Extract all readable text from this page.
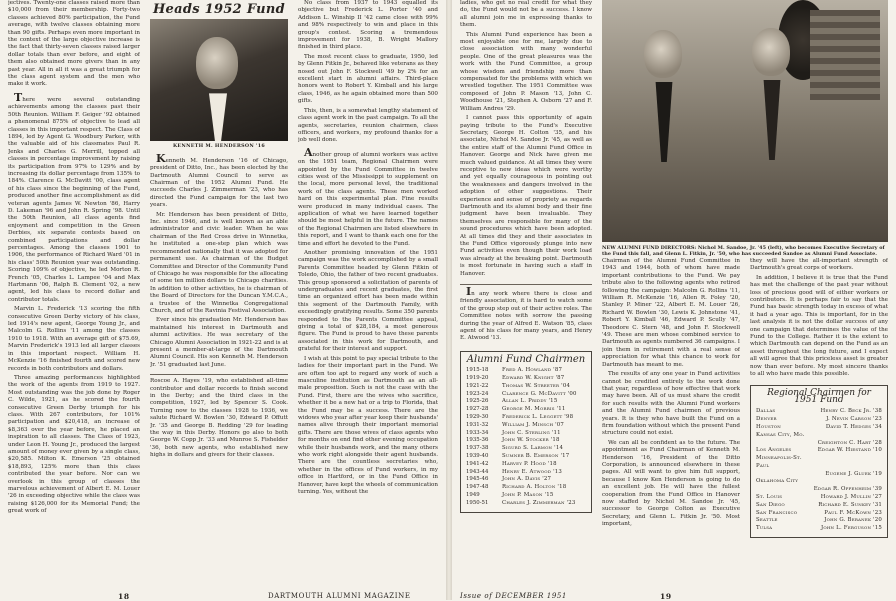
jectives. Twenty-one classes raised more than $10,000 from their membership. Forty-two classes achieved 80% participation, the Fund average, with twelve classes obtaining more than 90 gifts. Perhaps even more important in the context of the large objective increase is the fact that thirty-seven classes raised larger dollar totals than ever before, and eight of them also obtained more givers than in any past year. All in all it was a great triumph for the class agent system and the men who make it work.

There were several outstanding achievements among the classes past their 50th Reunion. William F. Geiger '92 obtained a phenomenal 875% of objective to lead all classes in this important respect. The Class of 1894, led by Agent G. Woodbury Parker, with the valuable aid of his classmates Paul R. Jenks and Charles G. Merrill, topped all classes in percentage improvement by raising its participation from 97% to 129% and by increasing its dollar percentage from 135% to 184%. Clarence G. McDavitt '00, class agent of his class since the beginning of the Fund, produced another fine accomplishment as did veteran agents James W. Newton '86, Harry D. Lakeman '96 and John R. Spring '98. Until the 50th Reunion, all class agents find enjoyment and competition in the Green Derbies, six separate contests based on combined participations and dollar percentages. Among the classes 1901 to 1906, the performance of Richard Ward '01 in his class' 50th Reunion year was outstanding. Scoring 109% of objective, he led Morton R. French '05, Charles L. Lampee '04 and Max Hartmann '06, Ralph B. Clement '02, a new agent, led his class to record dollar and contributor totals.

Marvin L. Frederick '13 scoring the fifth consecutive Green Derby victory of his class, led 1914's new agent, George Young Jr., and Malcolm G. Rollins '11 among the classes 1910 to 1918. With an average gift of $75.69, Marvin Frederick's 1913 led all larger classes in this important respect. William H. McKenzie '16 finished fourth and scored new records in both contributors and dollars.

Three amazing performances highlighted the work of the agents from 1919 to 1927. Most outstanding was the job done by Roger C. Wilde, 1921, as he scored the fourth consecutive Green Derby triumph for his class. With 267 contributors, for 101% participation and $20,418, an increase of $8,363 over the year before, he placed an inspiration to all classes. The Class of 1923, under Leon H. Young Jr., produced the largest amount of money ever given by a single class, $20,585. Milton K. Emerson '25 obtained $18,893, 125% more than this class contributed the year before. Nor can we overlook in this group of classes the marvelous achievement of Albert E. M. Louer '26 in exceeding objective while the class was raising $126,000 for its Memorial Fund; the great work of

Heads 1952 Fund
KENNETH M. HENDERSON '16

Kenneth M. Henderson '16 of Chicago, president of Ditto, Inc., has been elected by the Dartmouth Alumni Council to serve as Chairman of the 1952 Alumni Fund. He succeeds Charles J. Zimmerman '23, who has directed the Fund campaign for the last two years.

Mr. Henderson has been president of Ditto, Inc. since 1946, and is well known as an able administrator and civic leader. When he was chairman of the Red Cross drive in Winnetka, he instituted a one-step plan which was recommended nationally that it was adopted for permanent use. As chairman of the Budget Committee and Director of the Community Fund of Chicago he was responsible for the allocating of some ten million dollars to Chicago charities. In addition to other activities, he is chairman of the Board of Directors for the Duncan Y.M.C.A., a trustee of the Winnetka Congregational Church, and of the Ravinia Festival Association.

Ever since his graduation Mr. Henderson has maintained his interest in Dartmouth and alumni activities. He was secretary of the Chicago Alumni Association in 1921-22 and is at present a member-at-large of the Dartmouth Alumni Council. His son Kenneth M. Henderson Jr. '51 graduated last June.

Roscoe A. Hayes '19, who established all-time contributor and dollar records to finish second in the Derby; and the third class in the competition, 1927, led by Spencer S. Cook. Turning now to the classes 1928 to 1936, we salute Richard W. Bowlen '30, Edward P. Offutt Jr. '35 and George B. Redding '29 for leading the way in this Derby. Honors go also to both George W. Copp Jr. '33 and Munroe S. Fishelder '36, both new agents, who established new highs in dollars and givers for their classes.

No class from 1937 to 1943 equalled its objective but Frederick L. Porter '40 and Addison L. Winship II '42 came close with 99% and 98% respectively to win and place in this group's contest. Scoring a tremendous improvement for 1938, B. Wright Mallory finished in third place.

The most recent class to graduate, 1950, led by Glenn Fitkin Jr., behaved like veterans as they nosed out John F. Stockwell '49 by 2% for an excellent start in alumni affairs. Third-place honors went to Robert Y. Kimball and his large class, 1946, as he again obtained more than 500 gifts.

This, then, is a somewhat lengthy statement of class agent work in the past campaign. To all the agents, secretaries, reunion chairmen, class officers, and workers, my profound thanks for a job well done.

Another group of alumni workers was active on the 1951 team, Regional Chairmen were appointed by the Fund Committee in twelve cities west of the Mississippi to supplement on the local, more personal level, the traditional work of the class agents. These men worked hard on this experimental plan. Fine results were produced in many individual cases. The application of what we have learned together should be most helpful in the future. The names of the Regional Chairmen are listed elsewhere in this report, and I want to thank each one for the time and effort he devoted to the Fund.

Another promising innovation of the 1951 campaign was the work accomplished by a small Parents Committee headed by Glenn Fitkin of Toledo, Ohio, the father of two recent graduates. This group sponsored a solicitation of parents of undergraduates and recent graduates, the first time an organized effort has been made within this segment of the Dartmouth Family, with exceedingly gratifying results. Some 350 parents responded to the Parents Committee appeal, giving a total of $28,184, a most generous figure. The Fund is proud to have these parents associated in this work for Dartmouth, and grateful for their interest and support.

I wish at this point to pay special tribute to the ladies for their important part in the Fund. We are often too apt to regard any work of such a masculine institution as Dartmouth as an all-male proposition. Such is not the case with the Fund. First, there are the wives who sacrifice, whether it be a new hat or a trip to Florida, that the Fund may be a success. There are the widows who year after year keep their husbands' names alive through their important memorial gifts. There are those wives of class agents who for months on end find other evening occupation while their husbands work, and the many others who work right alongside their agent husbands. There are the countless secretaries who, whether in the offices of Fund workers, in my office in Hartford, or in the Fund Office in Hanover, have kept the wheels of communication turning. Yes, without the

18	DARTMOUTH ALUMNI MAGAZINE

ladies, who get no real credit for what they do, the Fund would not be a success. I know all alumni join me in expressing thanks to them.

This Alumni Fund experience has been a most enjoyable one for me, largely due to close association with many wonderful people. One of the great pleasures was the work with the Fund Committee, a group whose wisdom and friendship more than compensated for the problems with which we wrestled together. The 1951 Committee was composed of John P. Mason '13, John C. Woodhouse '21, Stephen A. Osborn '27 and F. William Andres '29.

I cannot pass this opportunity of again paying tribute to the Fund's Executive Secretary, George H. Colton '35, and his associate, Nichol M. Sandoe Jr. '45, as well as the entire staff of the Alumni Fund Office in Hanover. George and Nick have given me much valued guidance. At all times they were receptive to new ideas which were worthy and yet equally courageous in pointing out the weaknesses and dangers involved in the adoption of other suggestions. Their experience and sense of propriety as regards Dartmouth and its alumni body and their fine judgment have been invaluable. They themselves are responsible for many of the sound procedures which have been adopted. At all times did they and their associates in the Fund Office vigorously plunge into new Fund activities even though their work load was already at the breaking point. Dartmouth is most fortunate in having such a staff in Hanover.

In any work where there is close and friendly association, it is hard to watch some of the group step out of their active roles. The Committee notes with sorrow the passing during the year of Alfred E. Watson '85, class agent of his class for many years, and Henry E. Atwood '13.

Alumni Fund Chairmen
1915-18	Fred A. Howland '87
1919-20	Edward W. Knight '87
1921-22	Thomas W. Streeter '04
1923-24	Clarence G. McDavitt '00
1925-26	Allan L. Priddy '15
1927-28	George M. Morris '11
1929-30	Frederick L. Leggett '98
1931-32	William J. Minsch '07
1933-34	John C. Sterling '11
1935-36	John W. Stocker '18
1937-38	Sigurd S. Larmon '14
1939-40	Sumner B. Emerson '17
1941-42	Harvey P. Hood '18
1943-44	Henry E. Atwood '13
1945-46	John A. Davis '27
1947-48	Richard A. Holton '18
1949	John P. Mason '15
1950-51	Charles J. Zimmerman '23
NEW ALUMNI FUND DIRECTORS: Nichol M. Sandoe, Jr. '45 (left), who becomes Executive Secretary of the Fund this fall, and Glenn L. Fitkin, Jr. '50, who has succeeded Sandoe as Alumni Fund Associate.

Chairman of the Alumni Fund Committee in 1943 and 1944, both of whom have made important contributions to the Fund. We pay tribute also to the following agents who retired following the campaign: Malcolm G. Rollins '11, William R. McKenzie '16, Allen R. Foley '20, Stanley P. Miner '22, Albert E. M. Louer '26, Richard W. Bowlen '30, Lewis K. Johnstone '41, Robert Y. Kimball '46, Edward P. Scully '47, Theodore C. Stern '48, and John F. Stockwell '49. These are men whose combined service to Dartmouth as agents numbered 36 campaigns. I join them in retirement with a real sense of appreciation for what this chance to work for Dartmouth has meant to me.

The results of any one year in Fund activities cannot be credited entirely to the work done that year, regardless of how effective that work may have been. All of us must share the credit for such results with the Alumni Fund workers and the Alumni Fund chairmen of previous years. It is they who have built the Fund on a firm foundation without which the present Fund structure could not exist.

We can all be confident as to the future. The appointment as Fund Chairman of Kenneth M. Henderson '16, President of the Ditto Corporation, is announced elsewhere in these pages. All will want to give him full support, because I know Ken Henderson is going to do an excellent job. He will have the fullest cooperation from the Fund Office in Hanover now staffed by Nichol M. Sandoe Jr. '45, successor to George Colton as Executive Secretary, and Glenn L. Fitkin Jr. '50. Most important,

they will have the all-important strength of Dartmouth's great corps of workers.

In addition, I believe it is true that the Fund has met the challenge of the past year without loss of precious good will of either workers or contributors. It is perhaps fair to say that the Fund has basic strength today in excess of what it had a year ago. This is important, for in the last analysis it is not the dollar success of any one campaign that determines the value of the Fund to the College. Rather it is the extent to which Dartmouth can depend on the Fund as an asset throughout the long future, and I expect all will agree that this priceless asset is greater now than ever before. My most sincere thanks to all who have made this possible.

Regional Chairmen for 1951 Fund
Dallas	Henry C. Beck Jr. '38
Denver	J. Nevin Carson '23
Houston	David T. Hedges '34
Kansas City, Mo.	
	Creighton C. Hart '28
Los Angeles	Edgar W. Hiestand '10
Minneapolis-St. Paul	
	Eugene J. Gluek '19
Oklahoma City	
	Edgar R. Oppenheim '39
St. Louis	Howard J. Mullin '27
San Diego	Richard E. Sunkey '31
San Francisco	Paul F. McKown '23
Seattle	John G. Beranek '20
Tulsa	John L. Ferguson '15
Issue of DECEMBER 1951	19
